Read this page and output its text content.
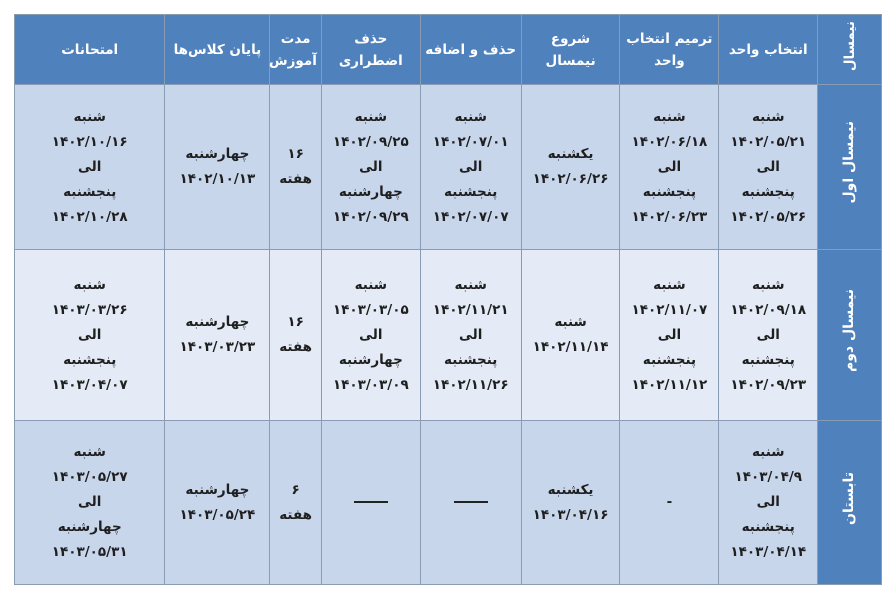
نیمسال	انتخاب واحد	ترمیم انتخاب واحد	شروع نیمسال	حذف و اضافه	حذف اضطراری	مدت آموزش	پایان کلاس‌ها	امتحانات
نیمسال اول	شنبه
۱۴۰۲/۰۵/۲۱
الی
پنجشنبه
۱۴۰۲/۰۵/۲۶	شنبه
۱۴۰۲/۰۶/۱۸
الی
پنجشنبه
۱۴۰۲/۰۶/۲۳	یکشنبه
۱۴۰۲/۰۶/۲۶	شنبه
۱۴۰۲/۰۷/۰۱
الی
پنجشنبه
۱۴۰۲/۰۷/۰۷	شنبه
۱۴۰۲/۰۹/۲۵
الی
چهارشنبه
۱۴۰۲/۰۹/۲۹	۱۶
هفته	چهارشنبه
۱۴۰۲/۱۰/۱۳	شنبه
۱۴۰۲/۱۰/۱۶
الی
پنجشنبه
۱۴۰۲/۱۰/۲۸

نیمسال دوم	شنبه
۱۴۰۲/۰۹/۱۸
الی
پنجشنبه
۱۴۰۲/۰۹/۲۳	شنبه
۱۴۰۲/۱۱/۰۷
الی
پنجشنبه
۱۴۰۲/۱۱/۱۲	شنبه
۱۴۰۲/۱۱/۱۴	شنبه
۱۴۰۲/۱۱/۲۱
الی
پنجشنبه
۱۴۰۲/۱۱/۲۶	شنبه
۱۴۰۳/۰۳/۰۵
الی
چهارشنبه
۱۴۰۳/۰۳/۰۹	۱۶
هفته	چهارشنبه
۱۴۰۳/۰۳/۲۳	شنبه
۱۴۰۳/۰۳/۲۶
الی
پنجشنبه
۱۴۰۳/۰۴/۰۷

تابستان	شنبه
۱۴۰۳/۰۴/۹
الی
پنجشنبه
۱۴۰۳/۰۴/۱۴	-	یکشنبه
۱۴۰۳/۰۴/۱۶			۶ هفته	چهارشنبه
۱۴۰۳/۰۵/۲۴	شنبه
۱۴۰۳/۰۵/۲۷
الی
چهارشنبه
۱۴۰۳/۰۵/۳۱
